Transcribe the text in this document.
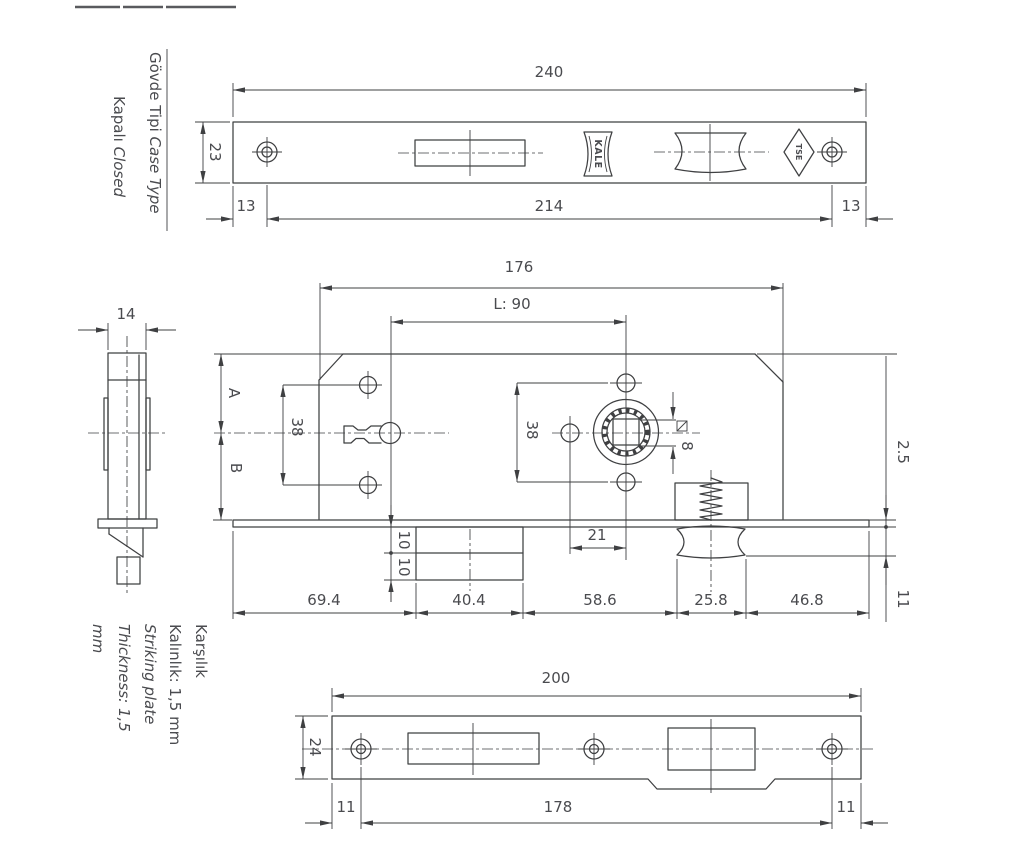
Gövde Tipi Case Type
Kapalı Closed
240
23	KALE	TSE
13	214	13
14
176
L: 90
A
B
38	38
8
21
10
10
2.5
11
69.4	40.4	58.6	25.8	46.8
Karşılık
Kalınlık: 1,5 mm
Striking plate
Thickness: 1,5
mm
200
24
11	178	11
